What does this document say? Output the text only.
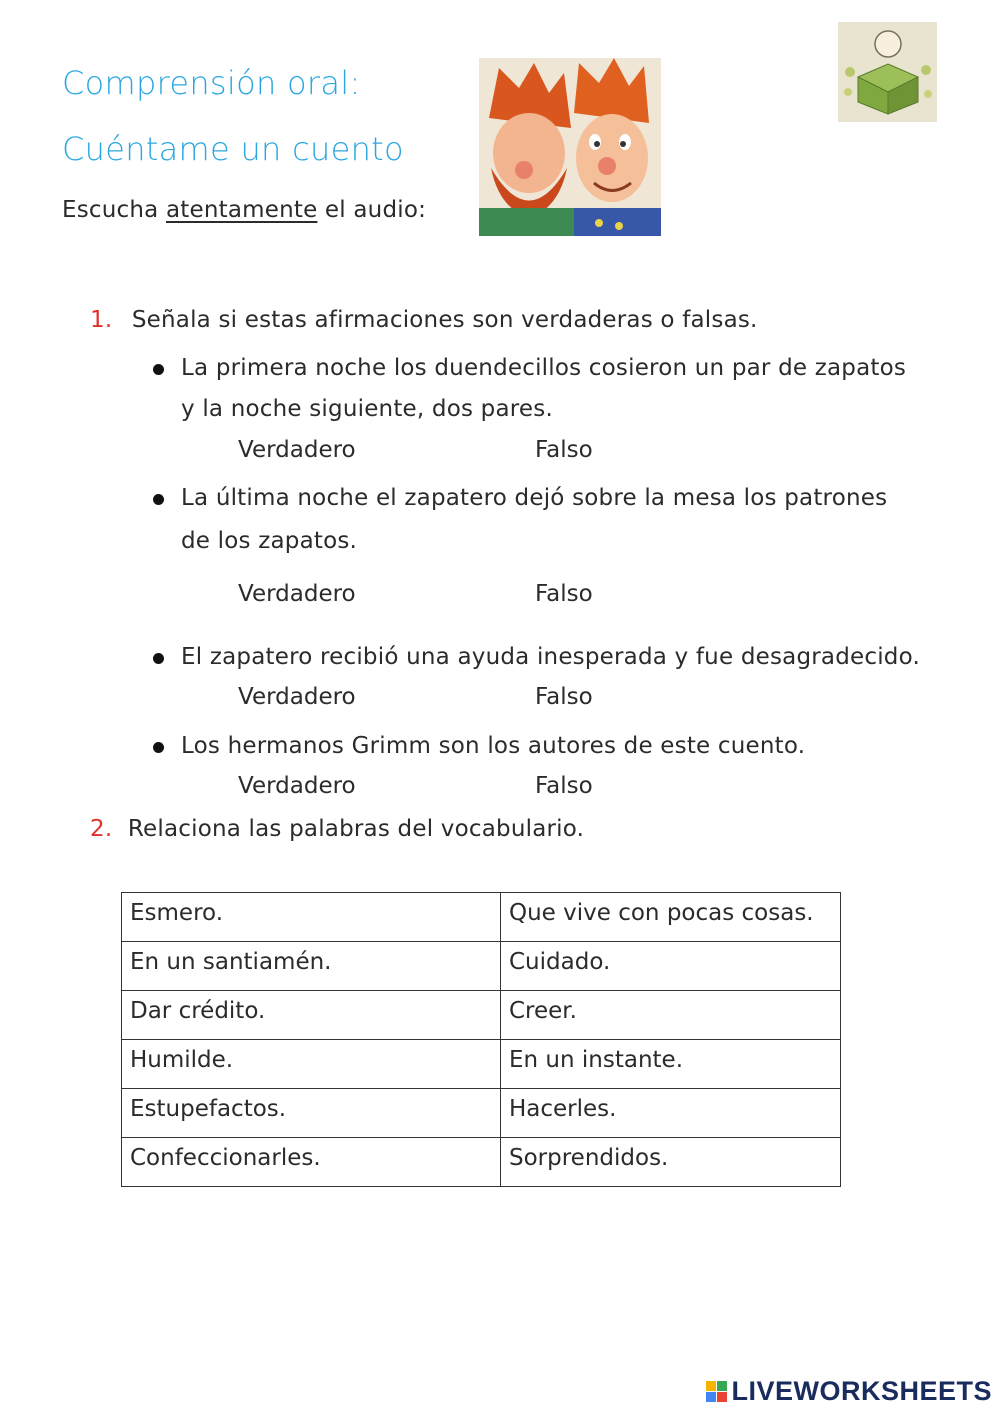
Comprensión oral:
Cuéntame un cuento
Escucha atentamente el audio:
1. Señala si estas afirmaciones son verdaderas o falsas.
La primera noche los duendecillos cosieron un par de zapatos
y la noche siguiente, dos pares.
Verdadero	Falso
La última noche el zapatero dejó sobre la mesa los patrones
de los zapatos.
Verdadero	Falso
El zapatero recibió una ayuda inesperada y fue desagradecido.
Verdadero	Falso
Los hermanos Grimm son los autores de este cuento.
Verdadero	Falso
2. Relaciona las palabras del vocabulario.
Esmero.	Que vive con pocas cosas.
En un santiamén.	Cuidado.
Dar crédito.	Creer.
Humilde.	En un instante.
Estupefactos.	Hacerles.
Confeccionarles.	Sorprendidos.
LIVEWORKSHEETS
